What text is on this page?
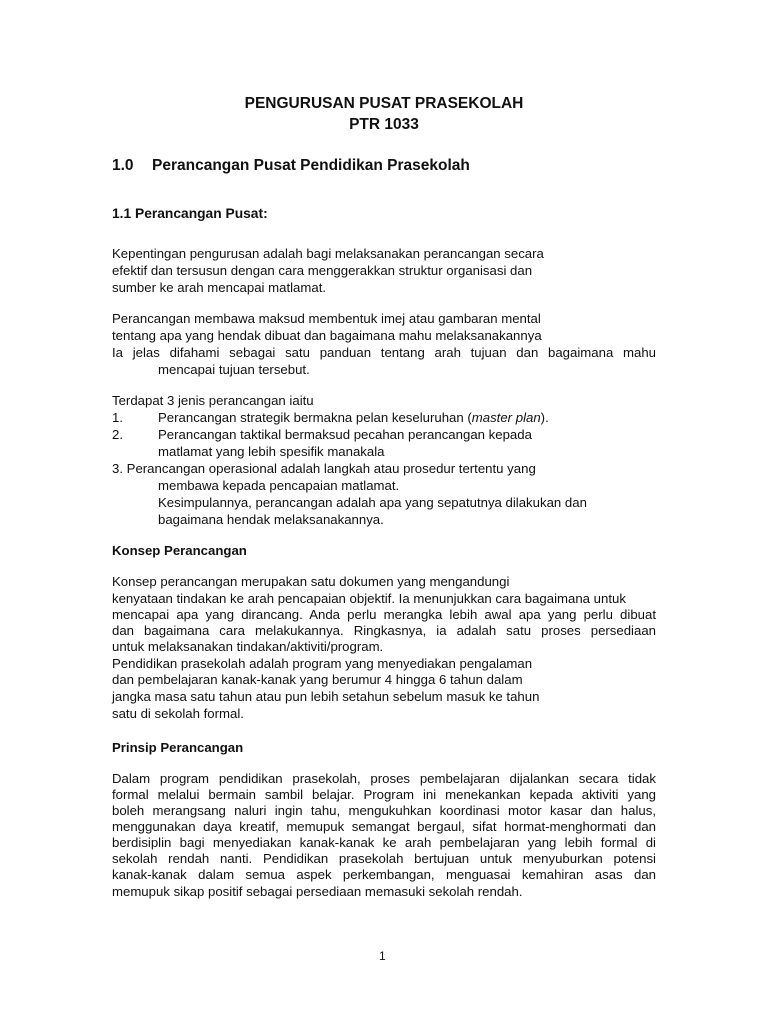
PENGURUSAN PUSAT PRASEKOLAH
PTR 1033
1.0 Perancangan Pusat Pendidikan Prasekolah
1.1 Perancangan Pusat:
Kepentingan pengurusan adalah bagi melaksanakan perancangan secara
efektif dan tersusun dengan cara menggerakkan struktur organisasi dan
sumber ke arah mencapai matlamat.
Perancangan membawa maksud membentuk imej atau gambaran mental
tentang apa yang hendak dibuat dan bagaimana mahu melaksanakannya
Ia jelas difahami sebagai satu panduan tentang arah tujuan dan bagaimana mahu
mencapai tujuan tersebut.
Terdapat 3 jenis perancangan iaitu
1.	Perancangan strategik bermakna pelan keseluruhan (master plan).
2.	Perancangan taktikal bermaksud pecahan perancangan kepada
matlamat yang lebih spesifik manakala
3. Perancangan operasional adalah langkah atau prosedur tertentu yang
membawa kepada pencapaian matlamat.
Kesimpulannya, perancangan adalah apa yang sepatutnya dilakukan dan
bagaimana hendak melaksanakannya.
Konsep Perancangan
Konsep perancangan merupakan satu dokumen yang mengandungi
kenyataan tindakan ke arah pencapaian objektif. Ia menunjukkan cara bagaimana untuk
mencapai apa yang dirancang. Anda perlu merangka lebih awal apa yang perlu dibuat
dan bagaimana cara melakukannya. Ringkasnya, ia adalah satu proses persediaan
untuk melaksanakan tindakan/aktiviti/program.
Pendidikan prasekolah adalah program yang menyediakan pengalaman
dan pembelajaran kanak-kanak yang berumur 4 hingga 6 tahun dalam
jangka masa satu tahun atau pun lebih setahun sebelum masuk ke tahun
satu di sekolah formal.
Prinsip Perancangan
Dalam program pendidikan prasekolah, proses pembelajaran dijalankan secara tidak
formal melalui bermain sambil belajar. Program ini menekankan kepada aktiviti yang
boleh merangsang naluri ingin tahu, mengukuhkan koordinasi motor kasar dan halus,
menggunakan daya kreatif, memupuk semangat bergaul, sifat hormat-menghormati dan
berdisiplin bagi menyediakan kanak-kanak ke arah pembelajaran yang lebih formal di
sekolah rendah nanti. Pendidikan prasekolah bertujuan untuk menyuburkan potensi
kanak-kanak dalam semua aspek perkembangan, menguasai kemahiran asas dan
memupuk sikap positif sebagai persediaan memasuki sekolah rendah.
1
